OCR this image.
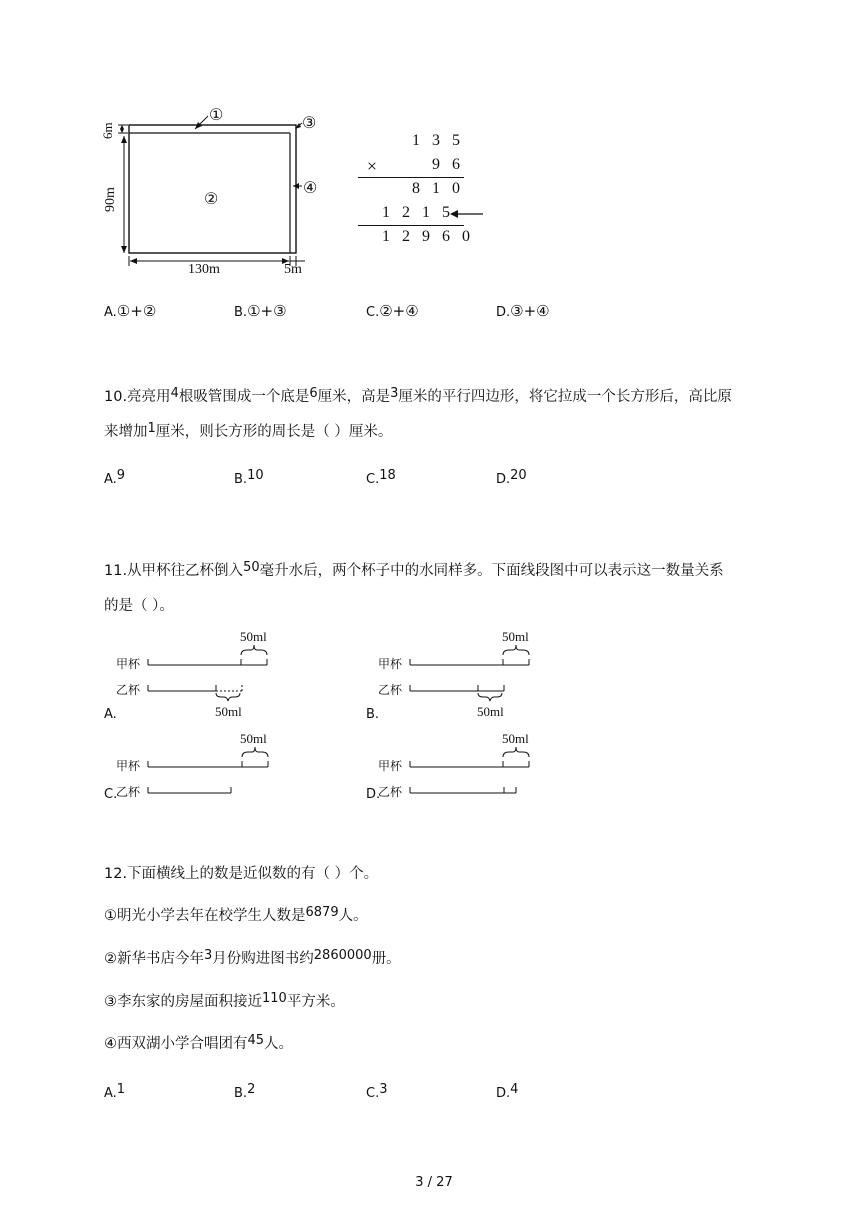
①
②
③
④
6m
90m
130m	5m
1 3 5
×	9 6
8 1 0
1 2 1 5
1 2 9 6 0
A.①+②	B.①+③	C.②+④	D.③+④
10.亮亮用4根吸管围成一个底是6厘米，高是3厘米的平行四边形，将它拉成一个长方形后，高比原
来增加1厘米，则长方形的周长是（ ）厘米。
A.9	B.10	C.18	D.20
11.从甲杯往乙杯倒入50毫升水后，两个杯子中的水同样多。下面线段图中可以表示这一数量关系
的是（ ）。
50ml
甲杯
乙杯
50ml
A.
50ml
甲杯
乙杯
50ml
B.
50ml
甲杯
C.
乙杯
50ml
甲杯
D.
乙杯
12.下面横线上的数是近似数的有（ ）个。
①明光小学去年在校学生人数是6879人。
②新华书店今年3月份购进图书约2860000册。
③李东家的房屋面积接近110平方米。
④西双湖小学合唱团有45人。
A.1	B.2	C.3	D.4
3 / 27
